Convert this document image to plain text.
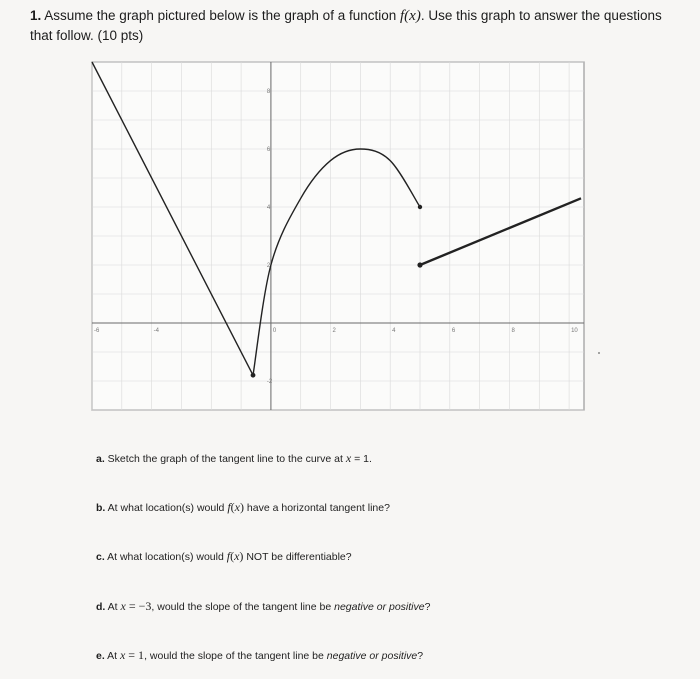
1. Assume the graph pictured below is the graph of a function f(x). Use this graph to answer the questions
that follow. (10 pts)
-6	-4	0	2	4	6	8	10
-2
2
4
6
8
a. Sketch the graph of the tangent line to the curve at x = 1.
b. At what location(s) would f(x) have a horizontal tangent line?
c. At what location(s) would f(x) NOT be differentiable?
d. At x = −3, would the slope of the tangent line be negative or positive?
e. At x = 1, would the slope of the tangent line be negative or positive?
